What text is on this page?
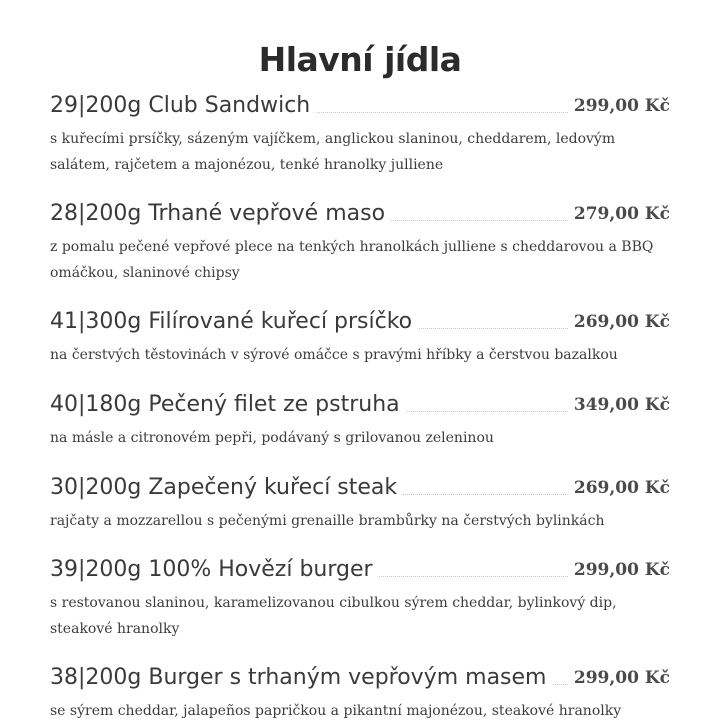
Hlavní jídla
29|200g Club Sandwich	299,00 Kč

s kuřecími prsíčky, sázeným vajíčkem, anglickou slaninou, cheddarem, ledovým salátem, rajčetem a majonézou, tenké hranolky julliene

28|200g Trhané vepřové maso	279,00 Kč

z pomalu pečené vepřové plece na tenkých hranolkách julliene s cheddarovou a BBQ omáčkou, slaninové chipsy

41|300g Filírované kuřecí prsíčko	269,00 Kč

na čerstvých těstovinách v sýrové omáčce s pravými hříbky a čerstvou bazalkou

40|180g Pečený filet ze pstruha	349,00 Kč

na másle a citronovém pepři, podávaný s grilovanou zeleninou

30|200g Zapečený kuřecí steak	269,00 Kč

rajčaty a mozzarellou s pečenými grenaille brambůrky na čerstvých bylinkách

39|200g 100% Hovězí burger	299,00 Kč

s restovanou slaninou, karamelizovanou cibulkou sýrem cheddar, bylinkový dip, steakové hranolky

38|200g Burger s trhaným vepřovým masem	299,00 Kč

se sýrem cheddar, jalapeños papričkou a pikantní majonézou, steakové hranolky
